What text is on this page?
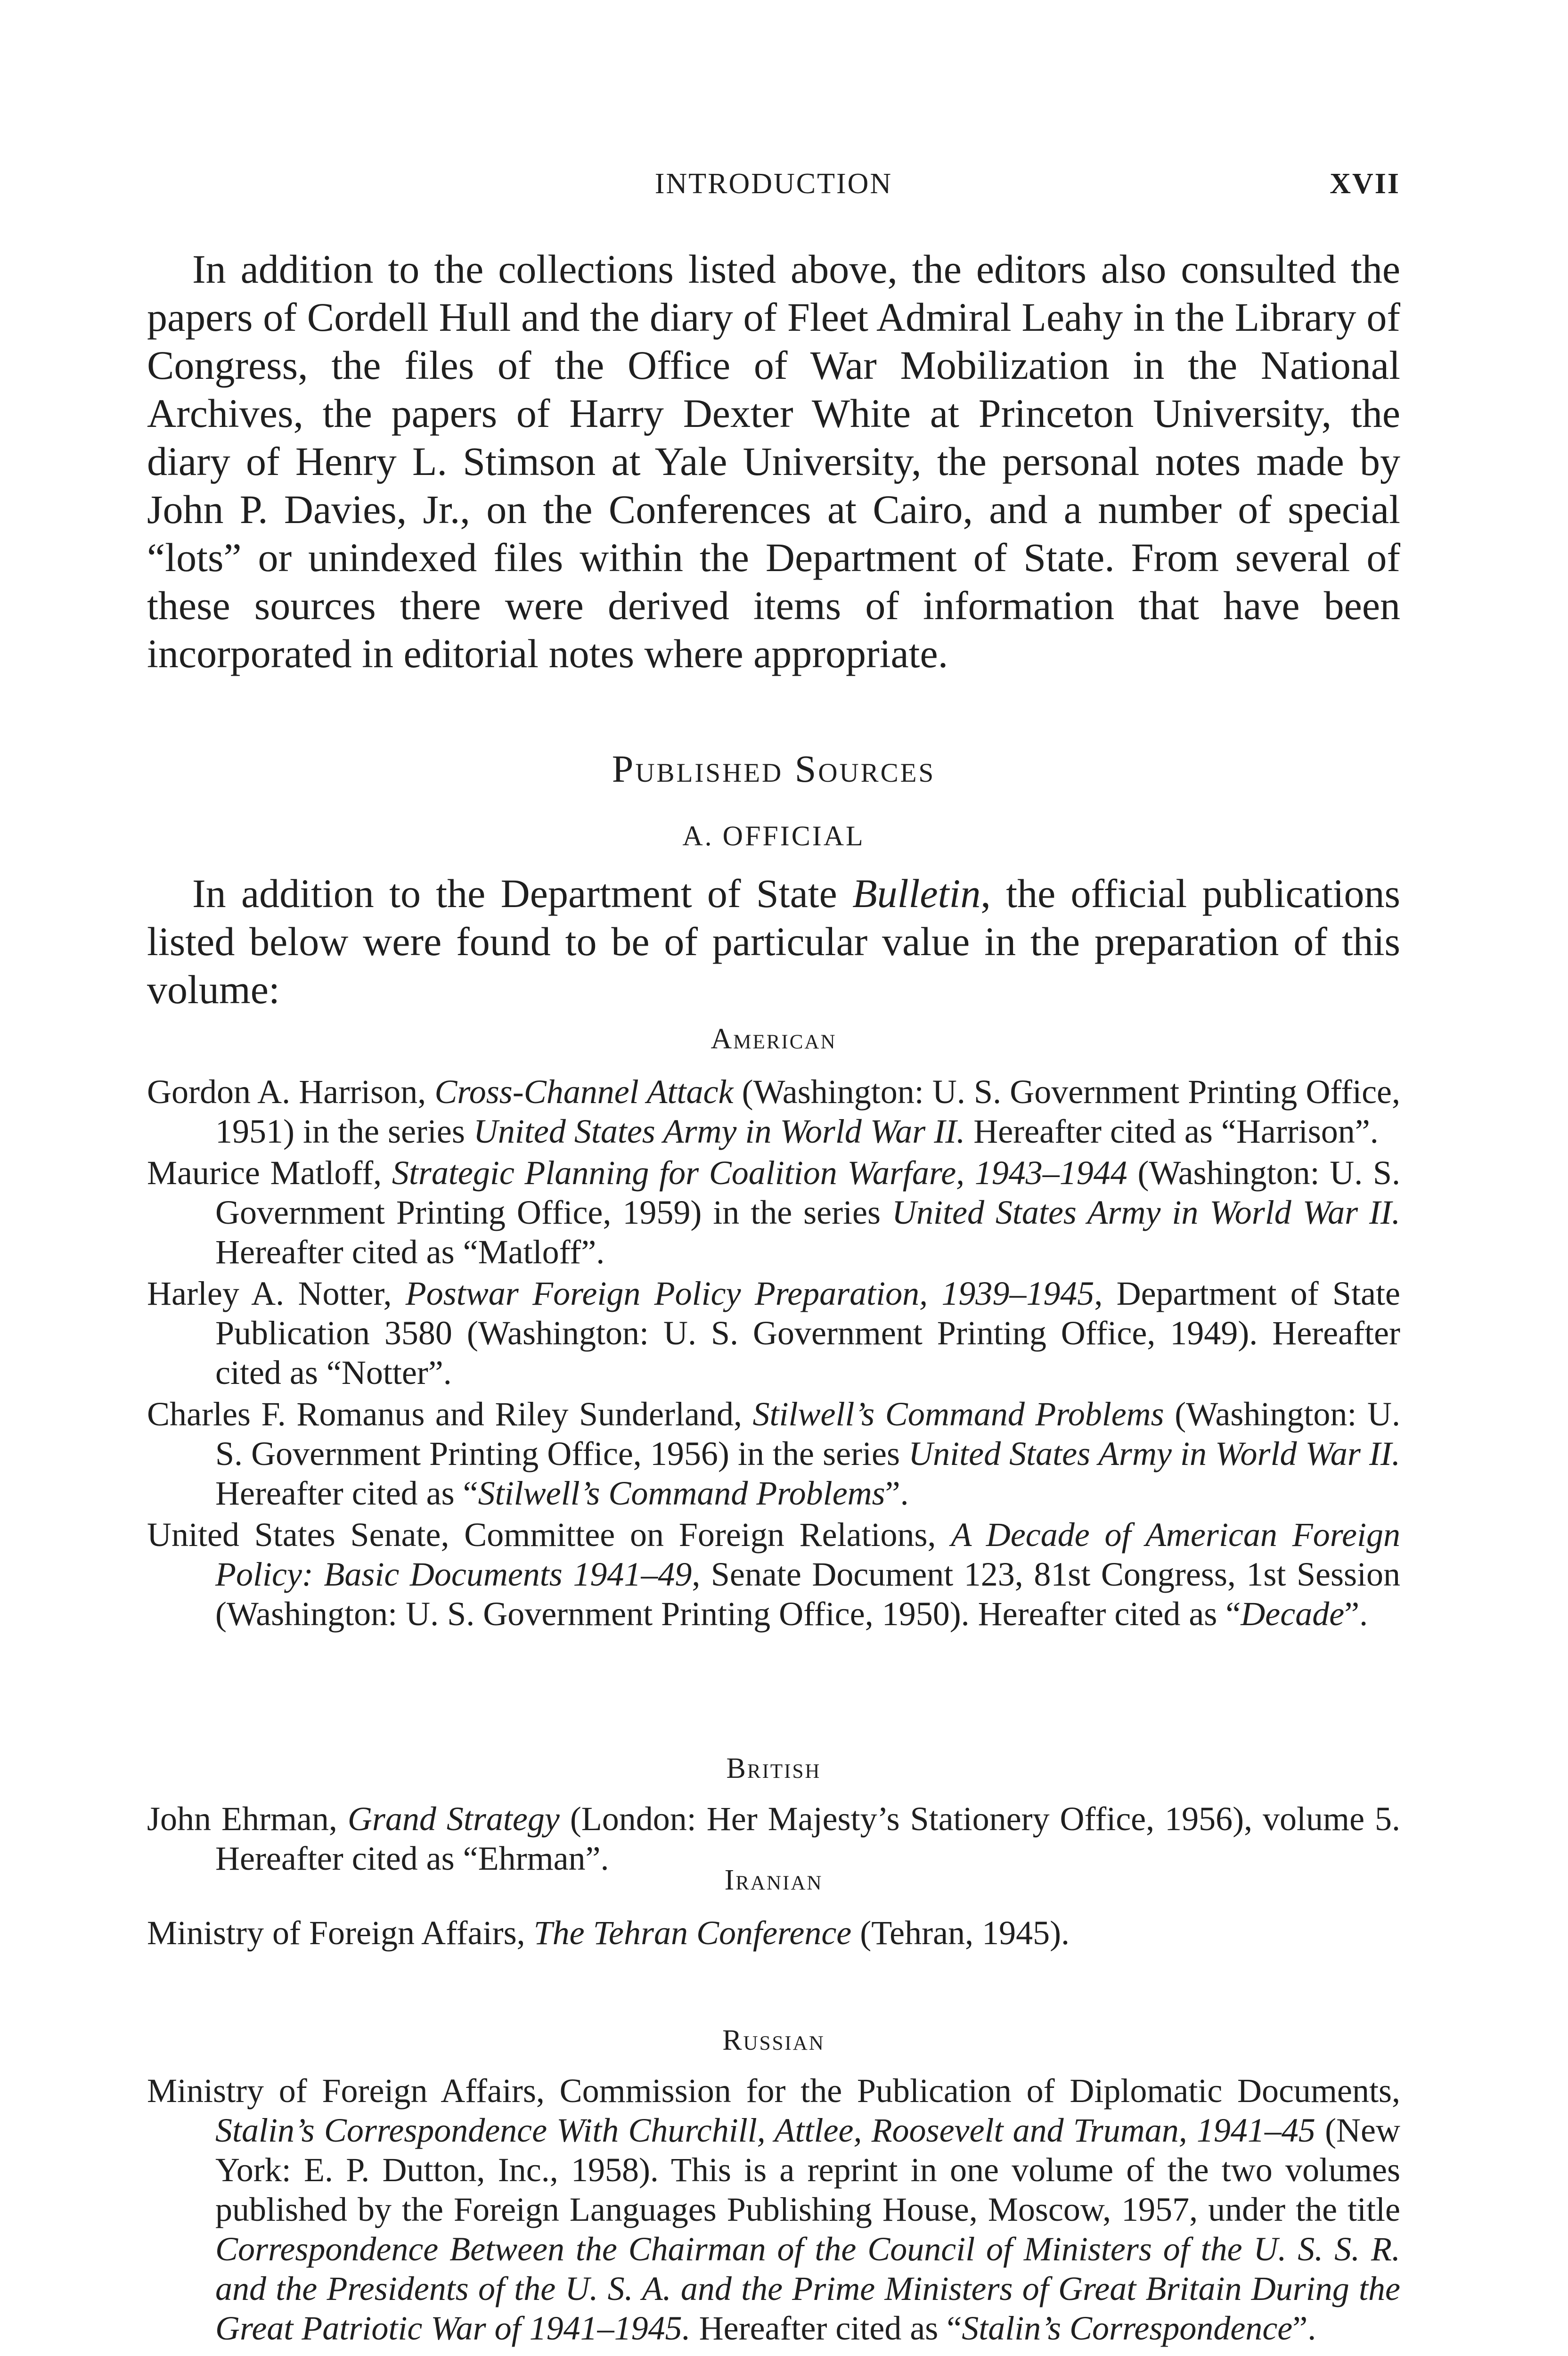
INTRODUCTION	XVII

In addition to the collections listed above, the editors also consulted the papers of Cordell Hull and the diary of Fleet Admiral Leahy in the Library of Congress, the files of the Office of War Mobilization in the National Archives, the papers of Harry Dexter White at Princeton University, the diary of Henry L. Stimson at Yale University, the personal notes made by John P. Davies, Jr., on the Conferences at Cairo, and a number of special “lots” or unindexed files within the Department of State. From several of these sources there were derived items of information that have been incorporated in editorial notes where appropriate.

Published Sources
A. OFFICIAL

In addition to the Department of State Bulletin, the official publications listed below were found to be of particular value in the preparation of this volume:

American

Gordon A. Harrison, Cross-Channel Attack (Washington: U. S. Government Printing Office, 1951) in the series United States Army in World War II. Hereafter cited as “Harrison”.

Maurice Matloff, Strategic Planning for Coalition Warfare, 1943–1944 (Washington: U. S. Government Printing Office, 1959) in the series United States Army in World War II. Hereafter cited as “Matloff”.

Harley A. Notter, Postwar Foreign Policy Preparation, 1939–1945, Department of State Publication 3580 (Washington: U. S. Government Printing Office, 1949). Hereafter cited as “Notter”.

Charles F. Romanus and Riley Sunderland, Stilwell’s Command Problems (Washington: U. S. Government Printing Office, 1956) in the series United States Army in World War II. Hereafter cited as “Stilwell’s Command Problems”.

United States Senate, Committee on Foreign Relations, A Decade of American Foreign Policy: Basic Documents 1941–49, Senate Document 123, 81st Congress, 1st Session (Washington: U. S. Government Printing Office, 1950). Hereafter cited as “Decade”.

British

John Ehrman, Grand Strategy (London: Her Majesty’s Stationery Office, 1956), volume 5. Hereafter cited as “Ehrman”.

Iranian

Ministry of Foreign Affairs, The Tehran Conference (Tehran, 1945).

Russian

Ministry of Foreign Affairs, Commission for the Publication of Diplomatic Documents, Stalin’s Correspondence With Churchill, Attlee, Roosevelt and Truman, 1941–45 (New York: E. P. Dutton, Inc., 1958). This is a reprint in one volume of the two volumes published by the Foreign Languages Publishing House, Moscow, 1957, under the title Correspondence Between the Chairman of the Council of Ministers of the U. S. S. R. and the Presidents of the U. S. A. and the Prime Ministers of Great Britain During the Great Patriotic War of 1941–1945. Hereafter cited as “Stalin’s Correspondence”.
